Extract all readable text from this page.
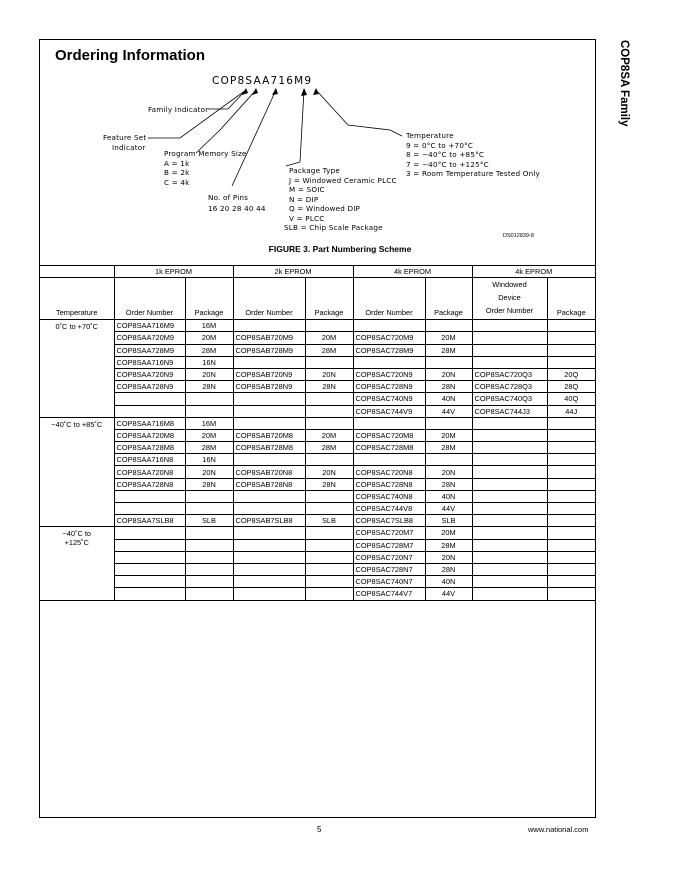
COP8SA Family
Ordering Information
COP8SAA716M9
Family Indicator
Feature Set
Indicator
Program Memory Size
A = 1k
B = 2k
C = 4k
No. of Pins
16 20 28 40 44
Package Type
J = Windowed Ceramic PLCC
M = SOIC
N = DIP
Q = Windowed DIP
V = PLCC
SLB = Chip Scale Package
Temperature
9 = 0°C to +70°C
8 = −40°C to +85°C
7 = −40°C to +125°C
3 = Room Temperature Tested Only
DS012839-8
FIGURE 3. Part Numbering Scheme
	1k EPROM		2k EPROM		4k EPROM		4k EPROM	
Temperature	Order Number	Package	Order Number	Package	Order Number	Package	Windowed
Device
Order Number	Package

0˚C to +70˚C	COP8SAA716M9	16M						
	COP8SAA720M9	20M	COP8SAB720M9	20M	COP8SAC720M9	20M		
	COP8SAA728M9	28M	COP8SAB728M9	28M	COP8SAC728M9	28M		
	COP8SAA716N9	16N						
	COP8SAA720N9	20N	COP8SAB720N9	20N	COP8SAC720N9	20N	COP8SAC720Q3	20Q
	COP8SAA728N9	28N	COP8SAB728N9	28N	COP8SAC728N9	28N	COP8SAC728Q3	28Q
					COP8SAC740N9	40N	COP8SAC740Q3	40Q
					COP8SAC744V9	44V	COP8SAC744J3	44J

−40˚C to +85˚C	COP8SAA716M8	16M						
	COP8SAA720M8	20M	COP8SAB720M8	20M	COP8SAC720M8	20M		
	COP8SAA728M8	28M	COP8SAB728M8	28M	COP8SAC728M8	28M		
	COP8SAA716N8	16N						
	COP8SAA720N8	20N	COP8SAB720N8	20N	COP8SAC720N8	20N		
	COP8SAA728N8	28N	COP8SAB728N8	28N	COP8SAC728N8	28N		
					COP8SAC740N8	40N		
					COP8SAC744V8	44V		
	COP8SAA7SLB8	SLB	COP8SAB7SLB8	SLB	COP8SAC7SLB8	SLB		

−40˚C to
+125˚C					COP8SAC720M7	20M		
					COP8SAC728M7	28M		
					COP8SAC720N7	20N		
					COP8SAC728N7	28N		
					COP8SAC740N7	40N		
					COP8SAC744V7	44V		
5	www.national.com
